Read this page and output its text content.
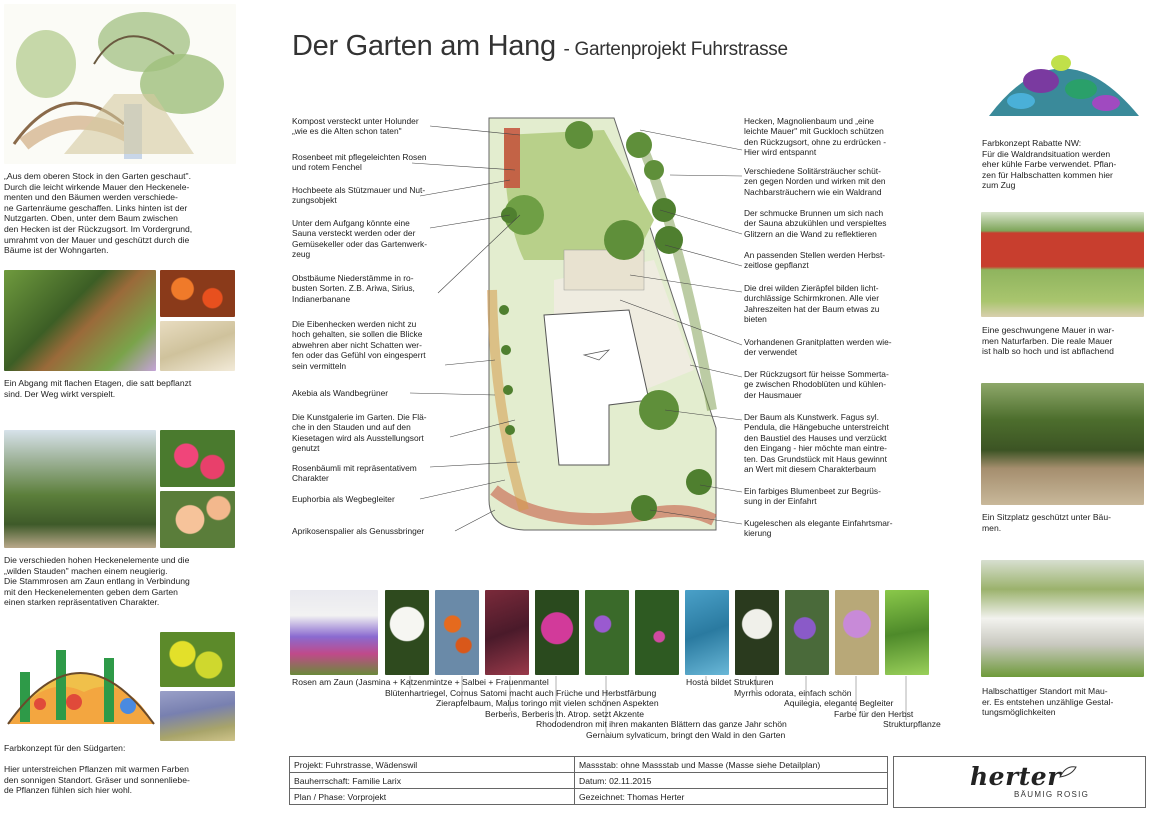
Der Garten am Hang - Gartenprojekt Fuhrstrasse
„Aus dem oberen Stock in den Garten geschaut".
Durch die leicht wirkende Mauer den Heckenele-
menten und den Bäumen werden verschiede-
ne Gartenräume geschaffen. Links hinten ist der
Nutzgarten. Oben, unter dem Baum zwischen
den Hecken ist der Rückzugsort. Im Vordergrund,
umrahmt von der Mauer und geschützt durch die
Bäume ist der Wohngarten.
Ein Abgang mit flachen Etagen, die satt bepflanzt
sind. Der Weg wirkt verspielt.
Die verschieden hohen Heckenelemente und die
„wilden Stauden" machen einem neugierig.
Die Stammrosen am Zaun entlang in Verbindung
mit den Heckenelementen geben dem Garten
einen starken repräsentativen Charakter.
Farbkonzept für den Südgarten:

Hier unterstreichen Pflanzen mit warmen Farben
den sonnigen Standort. Gräser und sonnenliebe-
de Pflanzen fühlen sich hier wohl.
Kompost versteckt unter Holunder
„wie es die Alten schon taten"
Rosenbeet mit pflegeleichten Rosen
und rotem Fenchel
Hochbeete als Stützmauer und Nut-
zungsobjekt
Unter dem Aufgang könnte eine
Sauna versteckt werden oder der
Gemüsekeller oder das Gartenwerk-
zeug
Obstbäume Niederstämme in ro-
busten Sorten. Z.B. Ariwa, Sirius,
Indianerbanane
Die Eibenhecken werden nicht zu
hoch gehalten, sie sollen die Blicke
abwehren aber nicht Schatten wer-
fen oder das Gefühl von eingesperrt
sein vermitteln
Akebia als Wandbegrüner
Die Kunstgalerie im Garten. Die Flä-
che in den Stauden und auf den
Kiesetagen wird als Ausstellungsort
genutzt
Rosenbäumli mit repräsentativem
Charakter
Euphorbia als Wegbegleiter
Aprikosenspalier als Genussbringer
Hecken, Magnolienbaum und „eine
leichte Mauer" mit Guckloch schützen
den Rückzugsort, ohne zu erdrücken -
Hier wird entspannt
Verschiedene Solitärsträucher schüt-
zen gegen Norden und wirken mit den
Nachbarsträuchern wie ein Waldrand
Der schmucke Brunnen um sich nach
der Sauna abzukühlen und verspieltes
Glitzern an die Wand zu reflektieren
An passenden Stellen werden Herbst-
zeitlose gepflanzt
Die drei wilden Zieräpfel bilden licht-
durchlässige Schirmkronen. Alle vier
Jahreszeiten hat der Baum etwas zu
bieten
Vorhandenen Granitplatten werden wie-
der verwendet
Der Rückzugsort für heisse Sommerta-
ge zwischen Rhodoblüten und kühlen-
der Hausmauer
Der Baum als Kunstwerk. Fagus syl.
Pendula, die Hängebuche unterstreicht
den Baustiel des Hauses und verzückt
den Eingang - hier möchte man eintre-
ten. Das Grundstück mit Haus gewinnt
an Wert mit diesem Charakterbaum
Ein farbiges Blumenbeet zur Begrüs-
sung in der Einfahrt
Kugeleschen als elegante Einfahrtsmar-
kierung
Farbkonzept Rabatte NW:
Für die Waldrandsituation werden
eher kühle Farbe verwendet. Pflan-
zen für Halbschatten kommen hier
zum Zug
Eine geschwungene Mauer in war-
men Naturfarben. Die reale Mauer
ist halb so hoch und ist abflachend
Ein Sitzplatz geschützt unter Bäu-
men.
Halbschattiger Standort mit Mau-
er. Es entstehen unzählige Gestal-
tungsmöglichkeiten
Rosen am Zaun (Jasmina + Katzenmintze + Salbei + Frauenmantel
Blütenhartriegel, Cornus Satomi macht auch Früche und Herbstfärbung
Zierapfelbaum, Malus toringo mit vielen schönen Aspekten
Berberis, Berberis th. Atrop. setzt Akzente
Rhododendron mit ihren makanten Blättern das ganze Jahr schön
Gernaium sylvaticum, bringt den Wald in den Garten
Hosta bildet Strukturen
Myrrhis odorata, einfach schön
Aquilegia, elegante Begleiter
Farbe für den Herbst
Strukturpflanze
Projekt: Fuhrstrasse, Wädenswil	Massstab: ohne Massstab und Masse (Masse siehe Detailplan)
Bauherrschaft: Familie Larix	Datum: 02.11.2015
Plan / Phase: Vorprojekt	Gezeichnet: Thomas Herter
herter
BÄUMIG ROSIG
